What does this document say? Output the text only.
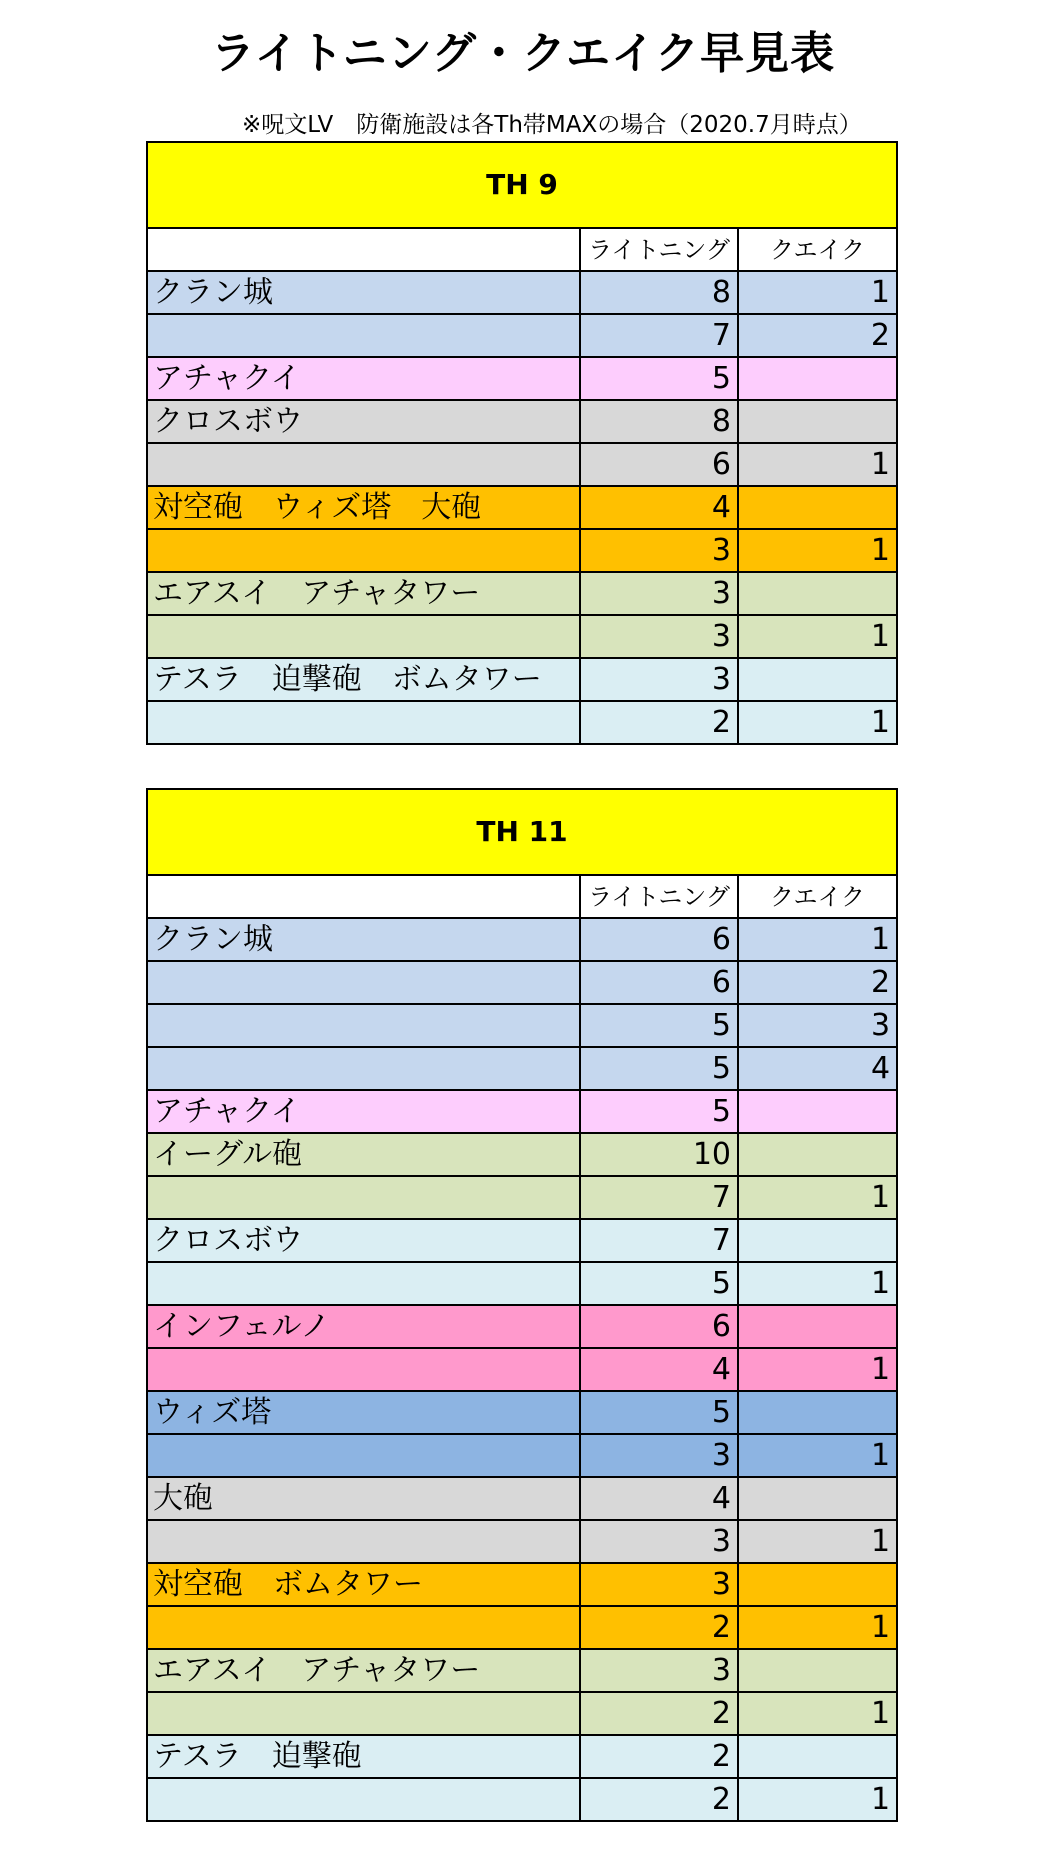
ライトニング・クエイク早見表
※呪文LV　防衛施設は各Th帯MAXの場合（2020.7月時点）
TH 9		
	ライトニング	クエイク
クラン城	8	1
	7	2
アチャクイ	5	
クロスボウ	8	
	6	1
対空砲　ウィズ塔　大砲	4	
	3	1
エアスイ　アチャタワー	3	
	3	1
テスラ　迫撃砲　ボムタワー	3	
	2	1
TH 11		
	ライトニング	クエイク
クラン城	6	1
	6	2
	5	3
	5	4
アチャクイ	5	
イーグル砲	10	
	7	1
クロスボウ	7	
	5	1
インフェルノ	6	
	4	1
ウィズ塔	5	
	3	1
大砲	4	
	3	1
対空砲　ボムタワー	3	
	2	1
エアスイ　アチャタワー	3	
	2	1
テスラ　迫撃砲	2	
	2	1
